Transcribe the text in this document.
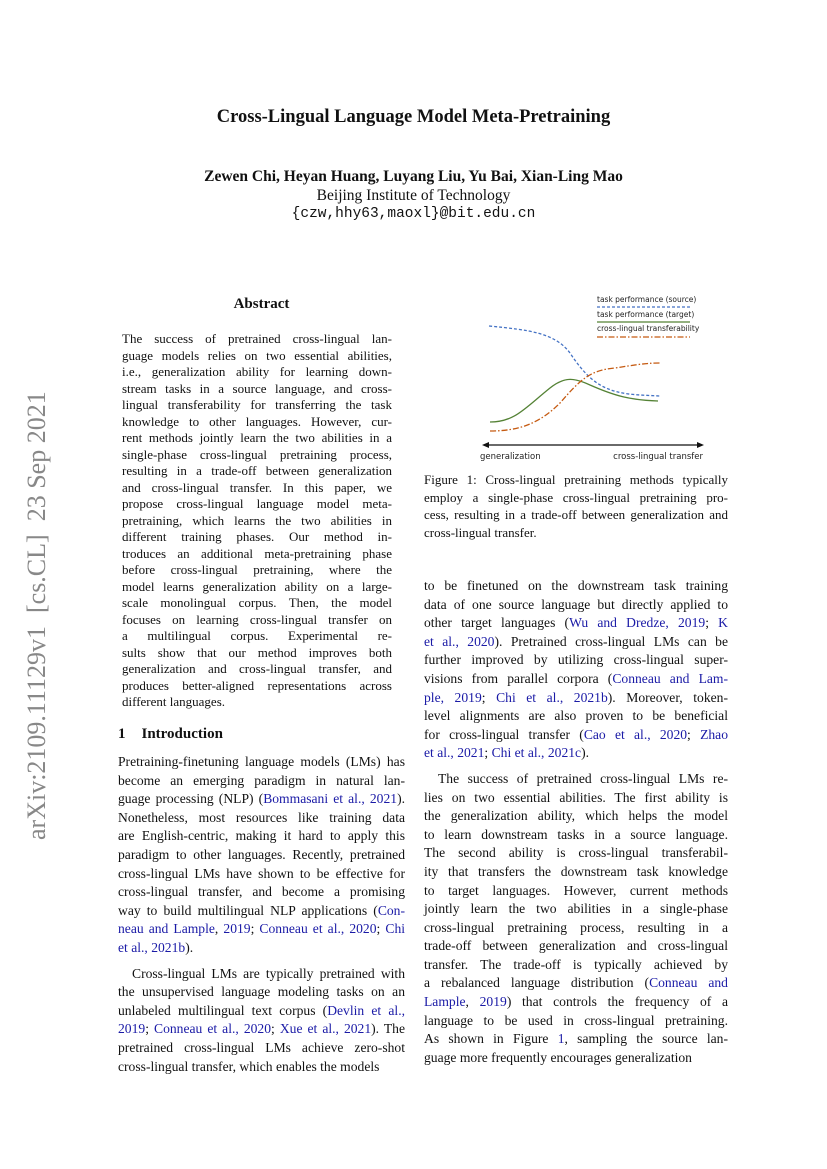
arXiv:2109.11129v1  [cs.CL]  23 Sep 2021
Cross-Lingual Language Model Meta-Pretraining
Zewen Chi, Heyan Huang, Luyang Liu, Yu Bai, Xian-Ling Mao
Beijing Institute of Technology
{czw,hhy63,maoxl}@bit.edu.cn
Abstract
The success of pretrained cross-lingual lan-
guage models relies on two essential abilities,
i.e., generalization ability for learning down-
stream tasks in a source language, and cross-
lingual transferability for transferring the task
knowledge to other languages. However, cur-
rent methods jointly learn the two abilities in a
single-phase cross-lingual pretraining process,
resulting in a trade-off between generalization
and cross-lingual transfer. In this paper, we
propose cross-lingual language model meta-
pretraining, which learns the two abilities in
different training phases. Our method in-
troduces an additional meta-pretraining phase
before cross-lingual pretraining, where the
model learns generalization ability on a large-
scale monolingual corpus. Then, the model
focuses on learning cross-lingual transfer on
a multilingual corpus. Experimental re-
sults show that our method improves both
generalization and cross-lingual transfer, and
produces better-aligned representations across
different languages.
1 Introduction
Pretraining-finetuning language models (LMs) has
become an emerging paradigm in natural lan-
guage processing (NLP) (Bommasani et al., 2021).
Nonetheless, most resources like training data
are English-centric, making it hard to apply this
paradigm to other languages. Recently, pretrained
cross-lingual LMs have shown to be effective for
cross-lingual transfer, and become a promising
way to build multilingual NLP applications (Con-
neau and Lample, 2019; Conneau et al., 2020; Chi
et al., 2021b).
Cross-lingual LMs are typically pretrained with
the unsupervised language modeling tasks on an
unlabeled multilingual text corpus (Devlin et al.,
2019; Conneau et al., 2020; Xue et al., 2021). The
pretrained cross-lingual LMs achieve zero-shot
cross-lingual transfer, which enables the models
to be finetuned on the downstream task training
data of one source language but directly applied to
other target languages (Wu and Dredze, 2019; K
et al., 2020). Pretrained cross-lingual LMs can be
further improved by utilizing cross-lingual super-
visions from parallel corpora (Conneau and Lam-
ple, 2019; Chi et al., 2021b). Moreover, token-
level alignments are also proven to be beneficial
for cross-lingual transfer (Cao et al., 2020; Zhao
et al., 2021; Chi et al., 2021c).
The success of pretrained cross-lingual LMs re-
lies on two essential abilities. The first ability is
the generalization ability, which helps the model
to learn downstream tasks in a source language.
The second ability is cross-lingual transferabil-
ity that transfers the downstream task knowledge
to target languages. However, current methods
jointly learn the two abilities in a single-phase
cross-lingual pretraining process, resulting in a
trade-off between generalization and cross-lingual
transfer. The trade-off is typically achieved by
a rebalanced language distribution (Conneau and
Lample, 2019) that controls the frequency of a
language to be used in cross-lingual pretraining.
As shown in Figure 1, sampling the source lan-
guage more frequently encourages generalization
task performance (source)
task performance (target)
cross-lingual transferability
generalization	cross-lingual transfer
Figure 1: Cross-lingual pretraining methods typically
employ a single-phase cross-lingual pretraining pro-
cess, resulting in a trade-off between generalization and
cross-lingual transfer.
